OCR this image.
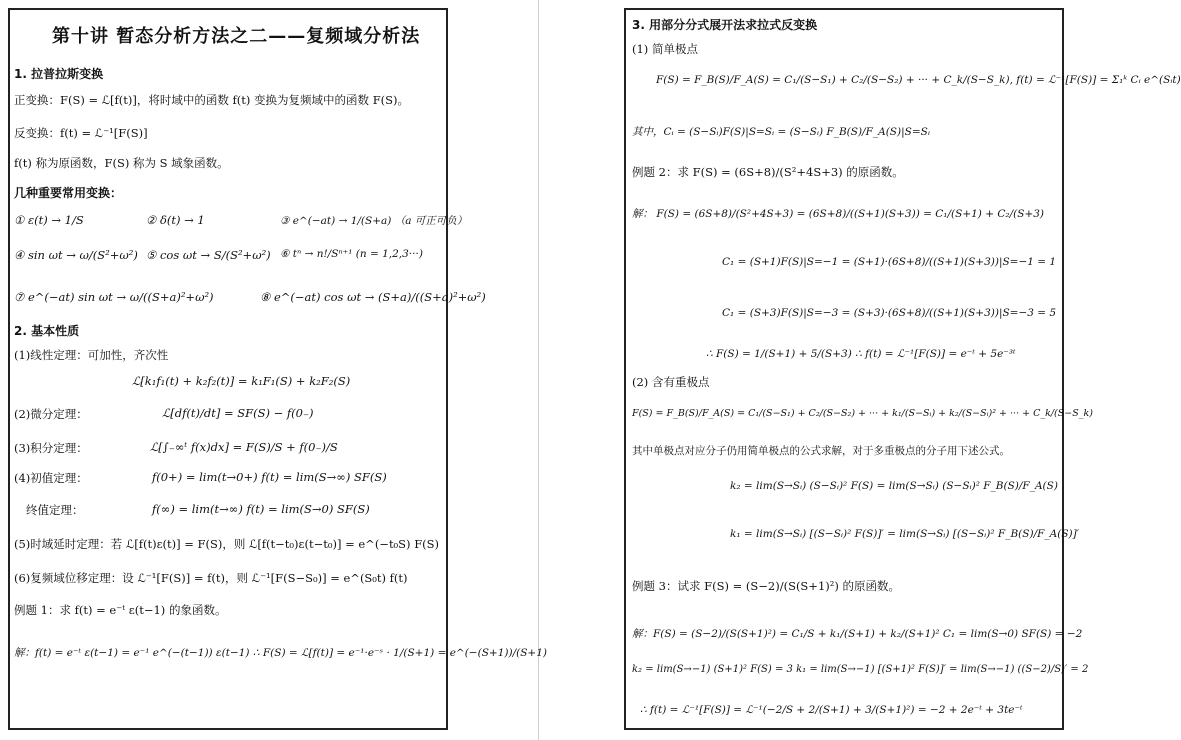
第十讲 暂态分析方法之二——复频域分析法
1. 拉普拉斯变换
正变换：F(S) = ℒ[f(t)]，将时域中的函数 f(t) 变换为复频域中的函数 F(S)。
反变换：f(t) = ℒ⁻¹[F(S)]
f(t) 称为原函数，F(S) 称为 S 域象函数。
几种重要常用变换：
① ε(t) → 1/S	② δ(t) → 1	③ e^(−at) → 1/(S+a) （a 可正可负）
④ sin ωt → ω/(S²+ω²) ⑤ cos ωt → S/(S²+ω²) ⑥ tⁿ → n!/Sⁿ⁺¹ (n = 1,2,3···)
⑦ e^(−at) sin ωt → ω/((S+a)²+ω²)	⑧ e^(−at) cos ωt → (S+a)/((S+a)²+ω²)
2. 基本性质
(1)线性定理：可加性，齐次性
ℒ[k₁f₁(t) + k₂f₂(t)] = k₁F₁(S) + k₂F₂(S)
(2)微分定理：	ℒ[df(t)/dt] = SF(S) − f(0₋)
(3)积分定理：	ℒ[∫₋∞ᵗ f(x)dx] = F(S)/S + f(0₋)/S
(4)初值定理：	f(0+) = lim(t→0+) f(t) = lim(S→∞) SF(S)
终值定理：	f(∞) = lim(t→∞) f(t) = lim(S→0) SF(S)
(5)时域延时定理：若 ℒ[f(t)ε(t)] = F(S)，则 ℒ[f(t−t₀)ε(t−t₀)] = e^(−t₀S) F(S)
(6)复频域位移定理：设 ℒ⁻¹[F(S)] = f(t)，则 ℒ⁻¹[F(S−S₀)] = e^(S₀t) f(t)
例题 1：求 f(t) = e⁻ᵗ ε(t−1) 的象函数。
解：f(t) = e⁻ᵗ ε(t−1) = e⁻¹ e^(−(t−1)) ε(t−1) ∴ F(S) = ℒ[f(t)] = e⁻¹·e⁻ˢ · 1/(S+1) = e^(−(S+1))/(S+1)
3. 用部分分式展开法求拉式反变换
(1) 简单极点
F(S) = F_B(S)/F_A(S) = C₁/(S−S₁) + C₂/(S−S₂) + ··· + C_k/(S−S_k), f(t) = ℒ⁻¹[F(S)] = Σ₁ᵏ Cᵢ e^(Sᵢt)
其中，Cᵢ = (S−Sᵢ)F(S)|S=Sᵢ = (S−Sᵢ) F_B(S)/F_A(S)|S=Sᵢ
例题 2：求 F(S) = (6S+8)/(S²+4S+3) 的原函数。
解： F(S) = (6S+8)/(S²+4S+3) = (6S+8)/((S+1)(S+3)) = C₁/(S+1) + C₂/(S+3)
C₁ = (S+1)F(S)|S=−1 = (S+1)·(6S+8)/((S+1)(S+3))|S=−1 = 1
C₁ = (S+3)F(S)|S=−3 = (S+3)·(6S+8)/((S+1)(S+3))|S=−3 = 5
∴ F(S) = 1/(S+1) + 5/(S+3) ∴ f(t) = ℒ⁻¹[F(S)] = e⁻ᵗ + 5e⁻³ᵗ
(2) 含有重极点
F(S) = F_B(S)/F_A(S) = C₁/(S−S₁) + C₂/(S−S₂) + ··· + k₁/(S−Sᵢ) + k₂/(S−Sᵢ)² + ··· + C_k/(S−S_k)
其中单极点对应分子仍用简单极点的公式求解，对于多重极点的分子用下述公式。
k₂ = lim(S→Sᵢ) (S−Sᵢ)² F(S) = lim(S→Sᵢ) (S−Sᵢ)² F_B(S)/F_A(S)
k₁ = lim(S→Sᵢ) [(S−Sᵢ)² F(S)]′ = lim(S→Sᵢ) [(S−Sᵢ)² F_B(S)/F_A(S)]′
例题 3：试求 F(S) = (S−2)/(S(S+1)²) 的原函数。
解：F(S) = (S−2)/(S(S+1)²) = C₁/S + k₁/(S+1) + k₂/(S+1)² C₁ = lim(S→0) SF(S) = −2
k₂ = lim(S→−1) (S+1)² F(S) = 3 k₁ = lim(S→−1) [(S+1)² F(S)]′ = lim(S→−1) ((S−2)/S)′ = 2
∴ f(t) = ℒ⁻¹[F(S)] = ℒ⁻¹(−2/S + 2/(S+1) + 3/(S+1)²) = −2 + 2e⁻ᵗ + 3te⁻ᵗ
